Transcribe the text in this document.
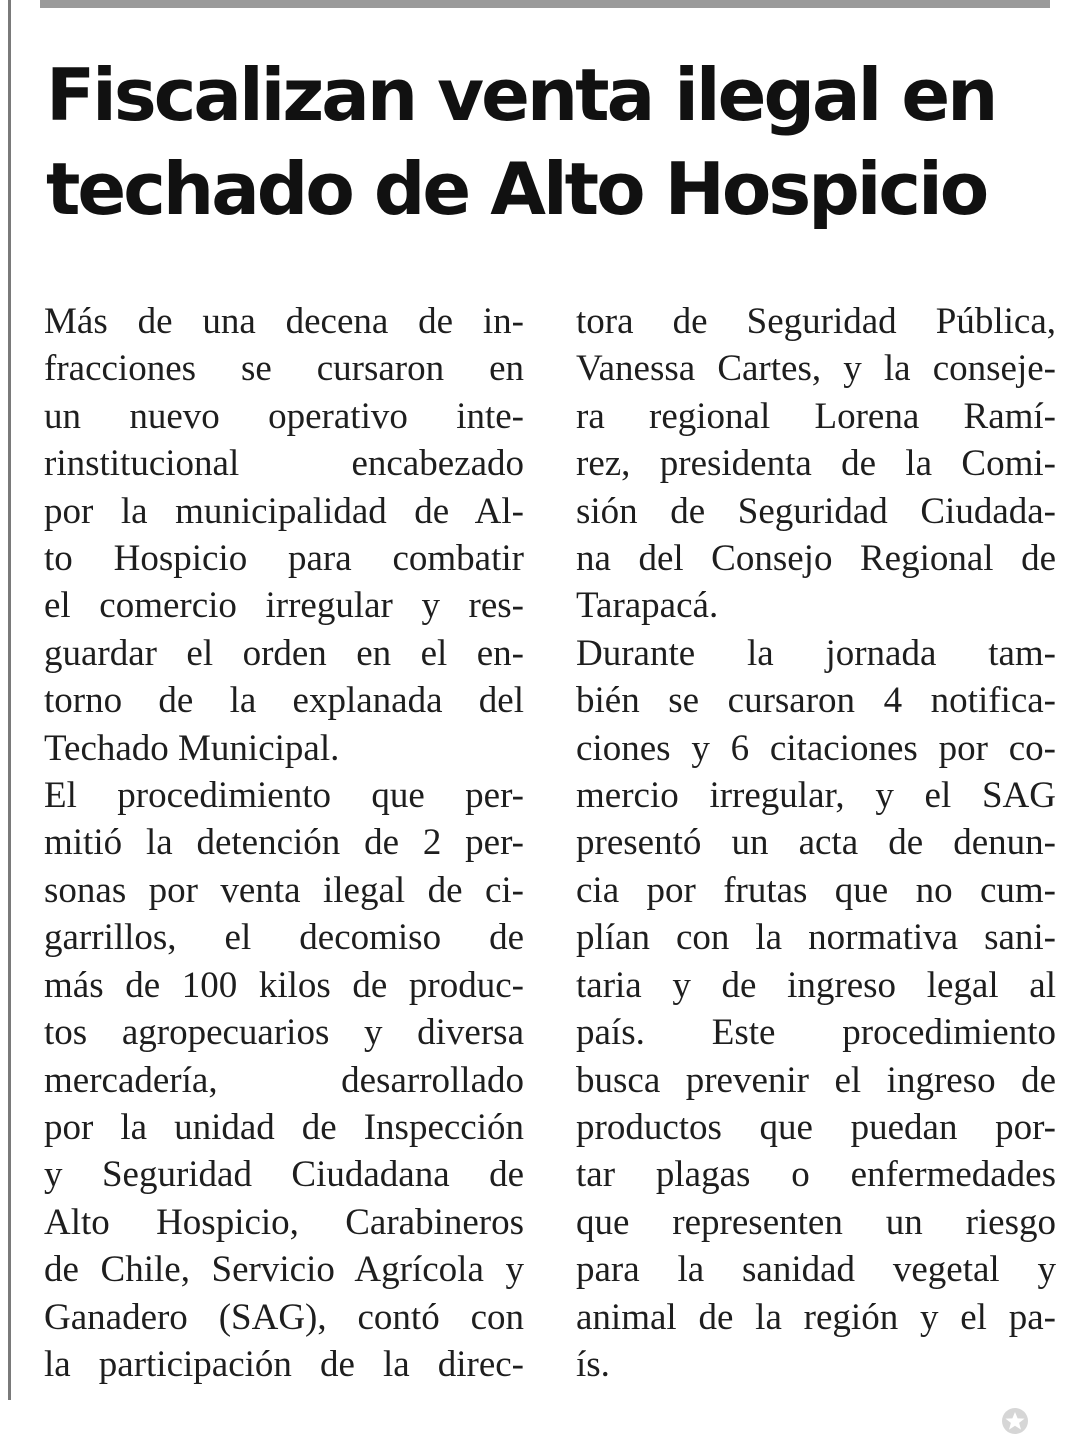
Fiscalizan venta ilegal en
techado de Alto Hospicio
Más de una decena de in-
fracciones se cursaron en
un nuevo operativo inte-
rinstitucional encabezado
por la municipalidad de Al-
to Hospicio para combatir
el comercio irregular y res-
guardar el orden en el en-
torno de la explanada del
Techado Municipal.
El procedimiento que per-
mitió la detención de 2 per-
sonas por venta ilegal de ci-
garrillos, el decomiso de
más de 100 kilos de produc-
tos agropecuarios y diversa
mercadería, desarrollado
por la unidad de Inspección
y Seguridad Ciudadana de
Alto Hospicio, Carabineros
de Chile, Servicio Agrícola y
Ganadero (SAG), contó con
la participación de la direc-
tora de Seguridad Pública,
Vanessa Cartes, y la conseje-
ra regional Lorena Ramí-
rez, presidenta de la Comi-
sión de Seguridad Ciudada-
na del Consejo Regional de
Tarapacá.
Durante la jornada tam-
bién se cursaron 4 notifica-
ciones y 6 citaciones por co-
mercio irregular, y el SAG
presentó un acta de denun-
cia por frutas que no cum-
plían con la normativa sani-
taria y de ingreso legal al
país. Este procedimiento
busca prevenir el ingreso de
productos que puedan por-
tar plagas o enfermedades
que representen un riesgo
para la sanidad vegetal y
animal de la región y el pa-
ís.
